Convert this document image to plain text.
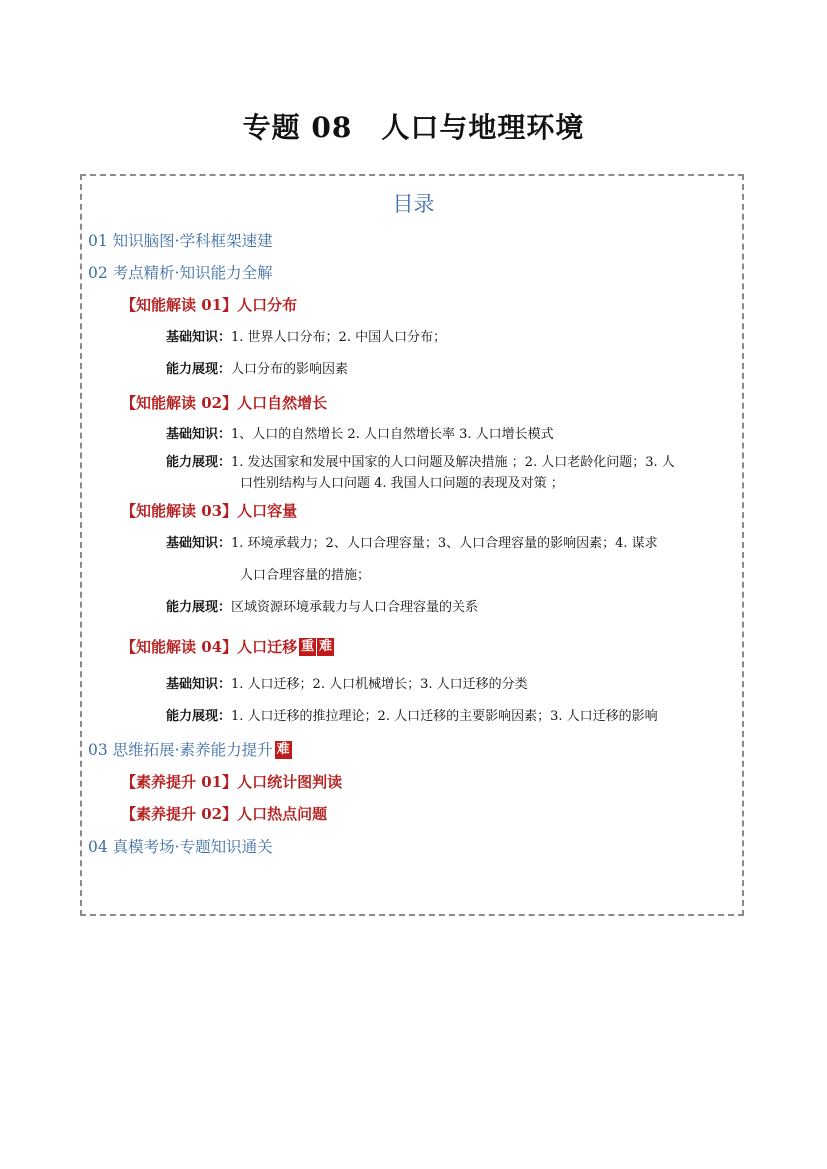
专题 08　人口与地理环境
目录
01 知识脑图·学科框架速建
02 考点精析·知识能力全解
【知能解读 01】人口分布
基础知识：1. 世界人口分布；2. 中国人口分布；
能力展现：人口分布的影响因素
【知能解读 02】人口自然增长
基础知识：1、人口的自然增长 2. 人口自然增长率 3. 人口增长模式
能力展现：1. 发达国家和发展中国家的人口问题及解决措施 ；2. 人口老龄化问题；3. 人
口性别结构与人口问题 4. 我国人口问题的表现及对策 ；
【知能解读 03】人口容量
基础知识：1. 环境承载力；2、人口合理容量；3、人口合理容量的影响因素；4. 谋求
人口合理容量的措施；
能力展现：区域资源环境承载力与人口合理容量的关系
【知能解读 04】人口迁移 重 难
基础知识：1. 人口迁移；2. 人口机械增长；3. 人口迁移的分类
能力展现：1. 人口迁移的推拉理论；2. 人口迁移的主要影响因素；3. 人口迁移的影响
03 思维拓展·素养能力提升 难
【素养提升 01】人口统计图判读
【素养提升 02】人口热点问题
04 真模考场·专题知识通关
